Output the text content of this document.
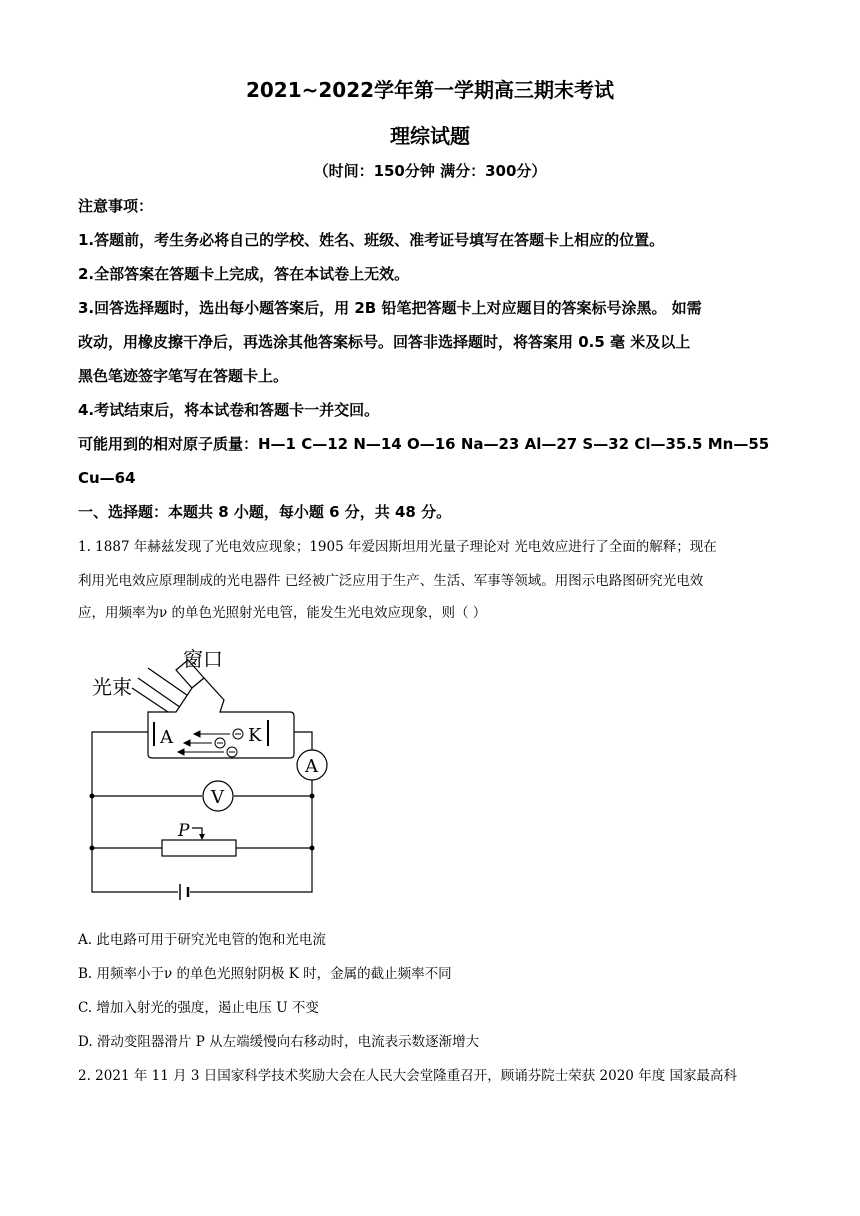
2021~2022学年第一学期高三期末考试
理综试题
（时间：150分钟 满分：300分）
注意事项：
1.答题前，考生务必将自己的学校、姓名、班级、准考证号填写在答题卡上相应的位置。
2.全部答案在答题卡上完成，答在本试卷上无效。
3.回答选择题时，选出每小题答案后，用 2B 铅笔把答题卡上对应题目的答案标号涂黑。 如需
改动，用橡皮擦干净后，再选涂其他答案标号。回答非选择题时，将答案用 0.5 毫 米及以上
黑色笔迹签字笔写在答题卡上。
4.考试结束后，将本试卷和答题卡一并交回。
可能用到的相对原子质量：H—1 C—12 N—14 O—16 Na—23 Al—27 S—32 Cl—35.5 Mn—55
Cu—64
一、选择题：本题共 8 小题，每小题 6 分，共 48 分。
1. 1887 年赫兹发现了光电效应现象；1905 年爱因斯坦用光量子理论对 光电效应进行了全面的解释；现在
利用光电效应原理制成的光电器件 已经被广泛应用于生产、生活、军事等领域。用图示电路图研究光电效
应，用频率为ν 的单色光照射光电管，能发生光电效应现象，则（ ）
窗口
光束
A	K
A
V
P
A. 此电路可用于研究光电管的饱和光电流
B. 用频率小于ν 的单色光照射阴极 K 时，金属的截止频率不同
C. 增加入射光的强度，遏止电压 U 不变
D. 滑动变阻器滑片 P 从左端缓慢向右移动时，电流表示数逐渐增大
2. 2021 年 11 月 3 日国家科学技术奖励大会在人民大会堂隆重召开，顾诵芬院士荣获 2020 年度 国家最高科
